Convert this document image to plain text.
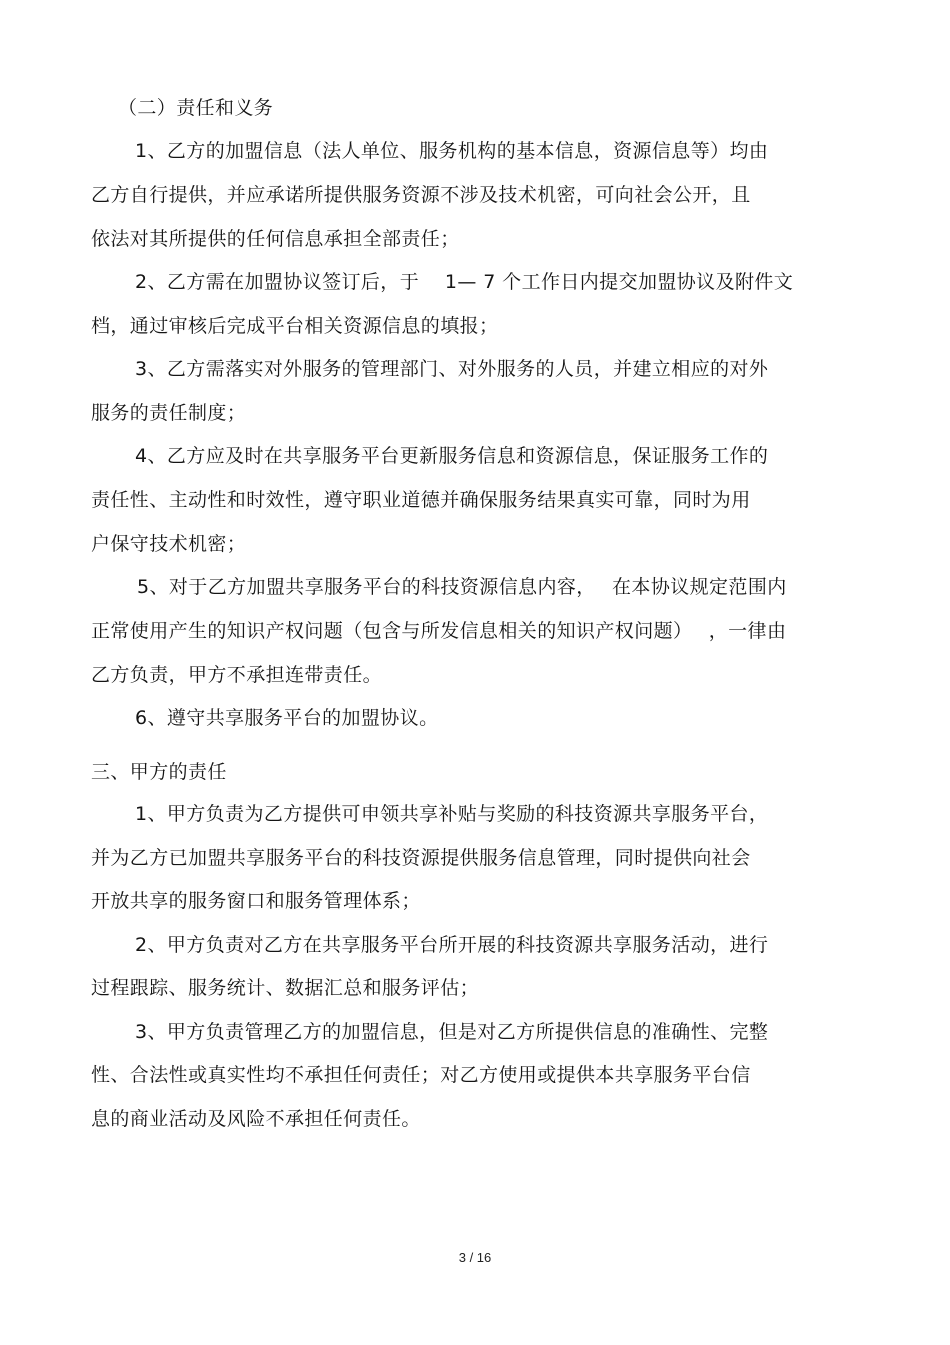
（二）责任和义务
1、乙方的加盟信息（法人单位、服务机构的基本信息，资源信息等）均由
乙方自行提供，并应承诺所提供服务资源不涉及技术机密，可向社会公开，且
依法对其所提供的任何信息承担全部责任；
2、乙方需在加盟协议签订后，于　 1— 7 个工作日内提交加盟协议及附件文
档，通过审核后完成平台相关资源信息的填报；
3、乙方需落实对外服务的管理部门、对外服务的人员，并建立相应的对外
服务的责任制度；
4、乙方应及时在共享服务平台更新服务信息和资源信息，保证服务工作的
责任性、主动性和时效性，遵守职业道德并确保服务结果真实可靠，同时为用
户保守技术机密；
5、对于乙方加盟共享服务平台的科技资源信息内容，　 在本协议规定范围内
正常使用产生的知识产权问题（包含与所发信息相关的知识产权问题）　 ，一律由
乙方负责，甲方不承担连带责任。
6、遵守共享服务平台的加盟协议。
三、甲方的责任
1、甲方负责为乙方提供可申领共享补贴与奖励的科技资源共享服务平台，
并为乙方已加盟共享服务平台的科技资源提供服务信息管理，同时提供向社会
开放共享的服务窗口和服务管理体系；
2、甲方负责对乙方在共享服务平台所开展的科技资源共享服务活动，进行
过程跟踪、服务统计、数据汇总和服务评估；
3、甲方负责管理乙方的加盟信息，但是对乙方所提供信息的准确性、完整
性、合法性或真实性均不承担任何责任；对乙方使用或提供本共享服务平台信
息的商业活动及风险不承担任何责任。
3 / 16
